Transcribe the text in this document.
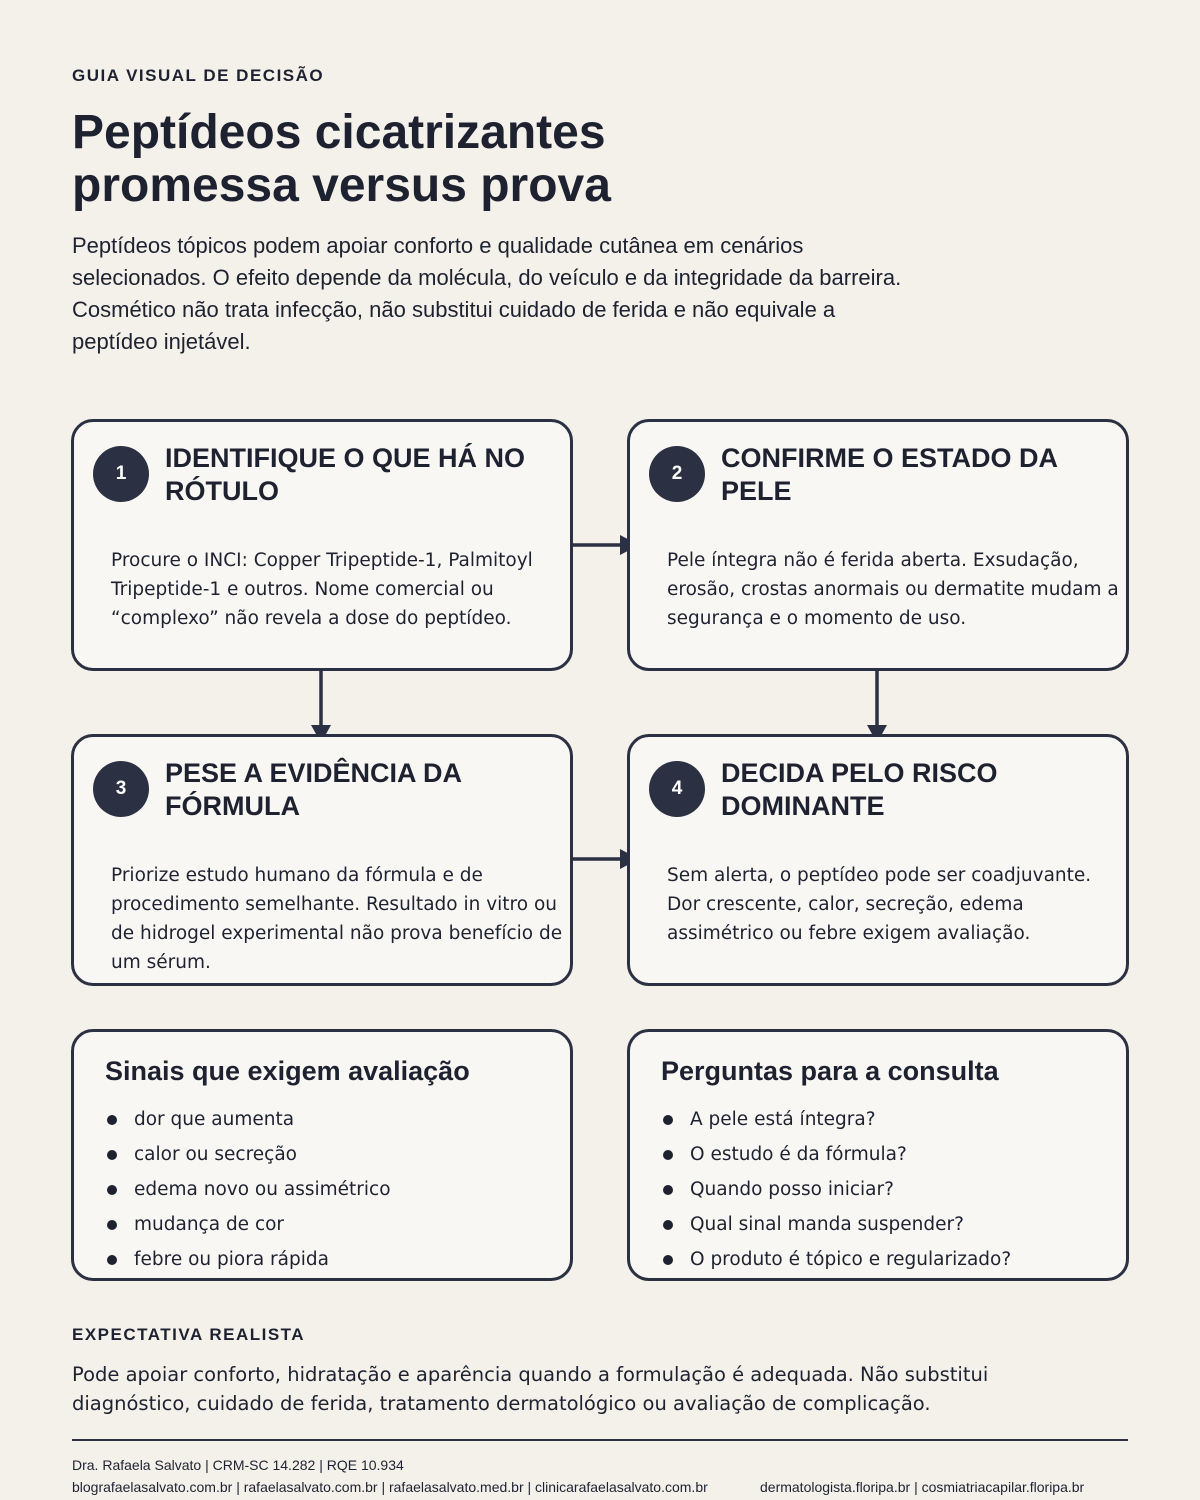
GUIA VISUAL DE DECISÃO
Peptídeos cicatrizantes
promessa versus prova

Peptídeos tópicos podem apoiar conforto e qualidade cutânea em cenários selecionados. O efeito depende da molécula, do veículo e da integridade da barreira. Cosmético não trata infecção, não substitui cuidado de ferida e não equivale a peptídeo injetável.

1
IDENTIFIQUE O QUE HÁ NO RÓTULO
Procure o INCI: Copper Tripeptide-1, Palmitoyl Tripeptide-1 e outros. Nome comercial ou “complexo” não revela a dose do peptídeo.
2
CONFIRME O ESTADO DA PELE
Pele íntegra não é ferida aberta. Exsudação, erosão, crostas anormais ou dermatite mudam a segurança e o momento de uso.
3
PESE A EVIDÊNCIA DA FÓRMULA
Priorize estudo humano da fórmula e de procedimento semelhante. Resultado in vitro ou de hidrogel experimental não prova benefício de um sérum.
4
DECIDA PELO RISCO DOMINANTE
Sem alerta, o peptídeo pode ser coadjuvante. Dor crescente, calor, secreção, edema assimétrico ou febre exigem avaliação.
Sinais que exigem avaliação
dor que aumenta
calor ou secreção
edema novo ou assimétrico
mudança de cor
febre ou piora rápida
Perguntas para a consulta
A pele está íntegra?
O estudo é da fórmula?
Quando posso iniciar?
Qual sinal manda suspender?
O produto é tópico e regularizado?
EXPECTATIVA REALISTA

Pode apoiar conforto, hidratação e aparência quando a formulação é adequada. Não substitui diagnóstico, cuidado de ferida, tratamento dermatológico ou avaliação de complicação.

Dra. Rafaela Salvato | CRM-SC 14.282 | RQE 10.934
blografaelasalvato.com.br | rafaelasalvato.com.br | rafaelasalvato.med.br | clinicarafaelasalvato.com.br	dermatologista.floripa.br | cosmiatriacapilar.floripa.br
